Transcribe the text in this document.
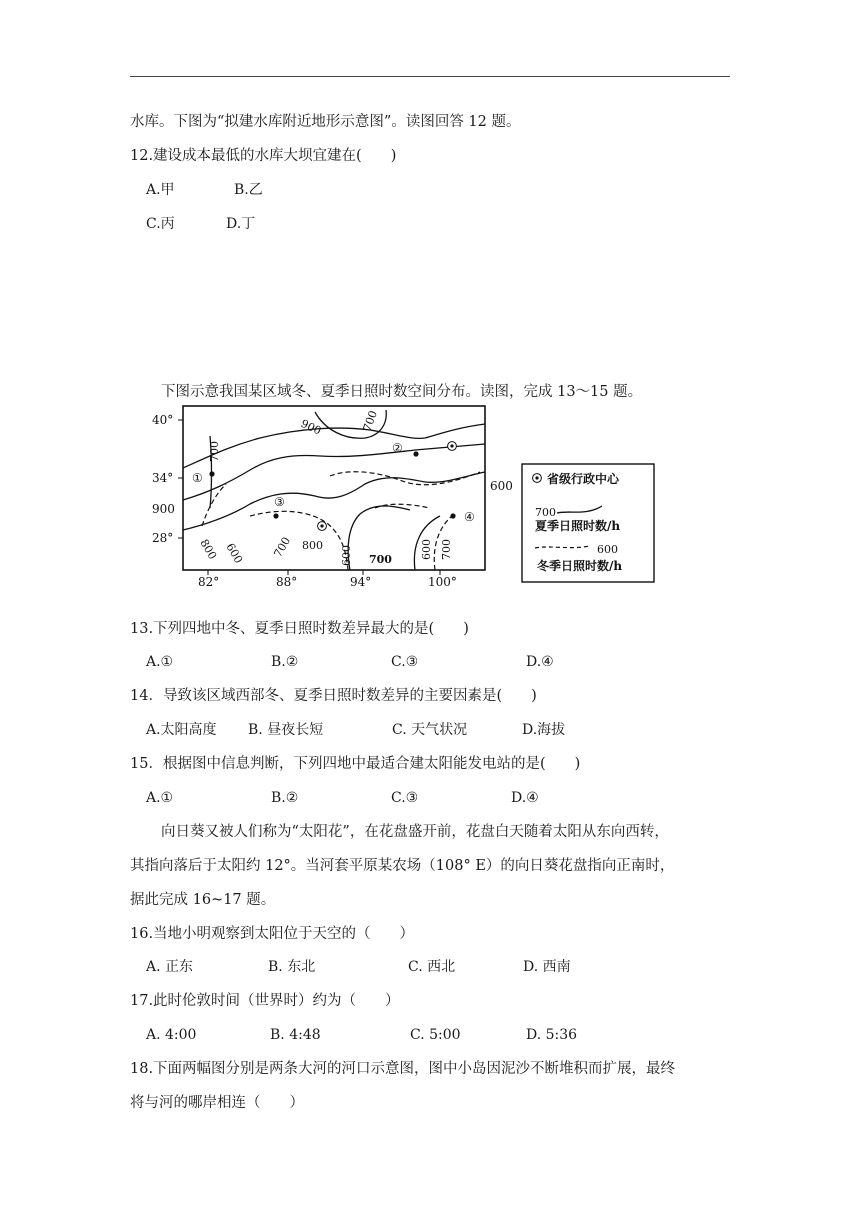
水库。下图为“拟建水库附近地形示意图”。读图回答 12 题。
12.建设成本最低的水库大坝宜建在(　　)
A.甲	B.乙
C.丙	D.丁
下图示意我国某区域冬、夏季日照时数空间分布。读图，完成 13～15 题。
40°
34°
28°
82°	88°	94°	100°
900	700
700
900
800 600 700 800 600 700	600 700
600
①
②
③
④
省级行政中心
700
夏季日照时数/h
600
冬季日照时数/h
13.下列四地中冬、夏季日照时数差异最大的是(　　)
A.①	B.②	C.③	D.④
14．导致该区域西部冬、夏季日照时数差异的主要因素是(　　)
A.太阳高度 B. 昼夜长短	C. 天气状况	D.海拔
15．根据图中信息判断，下列四地中最适合建太阳能发电站的是(　　)
A.①	B.②	C.③	D.④
向日葵又被人们称为“太阳花”，在花盘盛开前，花盘白天随着太阳从东向西转，
其指向落后于太阳约 12°。当河套平原某农场（108° E）的向日葵花盘指向正南时，
据此完成 16~17 题。
16.当地小明观察到太阳位于天空的（　　）
A. 正东	B. 东北	C. 西北	D. 西南
17.此时伦敦时间（世界时）约为（　　）
A. 4:00	B. 4:48	C. 5:00	D. 5:36
18.下面两幅图分别是两条大河的河口示意图，图中小岛因泥沙不断堆积而扩展，最终
将与河的哪岸相连（　　）
